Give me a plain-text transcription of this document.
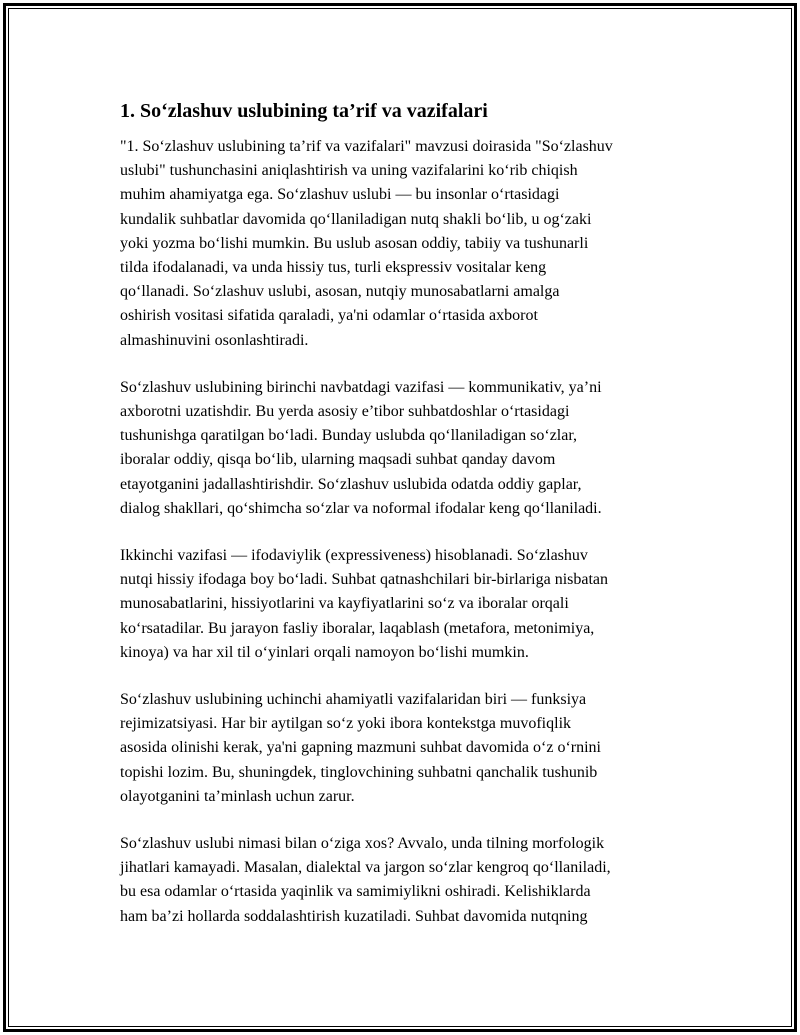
1. So‘zlashuv uslubining ta’rif va vazifalari

"1. So‘zlashuv uslubining ta’rif va vazifalari" mavzusi doirasida "So‘zlashuv
uslubi" tushunchasini aniqlashtirish va uning vazifalarini ko‘rib chiqish
muhim ahamiyatga ega. So‘zlashuv uslubi — bu insonlar o‘rtasidagi
kundalik suhbatlar davomida qo‘llaniladigan nutq shakli bo‘lib, u og‘zaki
yoki yozma bo‘lishi mumkin. Bu uslub asosan oddiy, tabiiy va tushunarli
tilda ifodalanadi, va unda hissiy tus, turli ekspressiv vositalar keng
qo‘llanadi. So‘zlashuv uslubi, asosan, nutqiy munosabatlarni amalga
oshirish vositasi sifatida qaraladi, ya'ni odamlar o‘rtasida axborot
almashinuvini osonlashtiradi.

So‘zlashuv uslubining birinchi navbatdagi vazifasi — kommunikativ, ya’ni
axborotni uzatishdir. Bu yerda asosiy e’tibor suhbatdoshlar o‘rtasidagi
tushunishga qaratilgan bo‘ladi. Bunday uslubda qo‘llaniladigan so‘zlar,
iboralar oddiy, qisqa bo‘lib, ularning maqsadi suhbat qanday davom
etayotganini jadallashtirishdir. So‘zlashuv uslubida odatda oddiy gaplar,
dialog shakllari, qo‘shimcha so‘zlar va noformal ifodalar keng qo‘llaniladi.

Ikkinchi vazifasi — ifodaviylik (expressiveness) hisoblanadi. So‘zlashuv
nutqi hissiy ifodaga boy bo‘ladi. Suhbat qatnashchilari bir-birlariga nisbatan
munosabatlarini, hissiyotlarini va kayfiyatlarini so‘z va iboralar orqali
ko‘rsatadilar. Bu jarayon fasliy iboralar, laqablash (metafora, metonimiya,
kinoya) va har xil til o‘yinlari orqali namoyon bo‘lishi mumkin.

So‘zlashuv uslubining uchinchi ahamiyatli vazifalaridan biri — funksiya
rejimizatsiyasi. Har bir aytilgan so‘z yoki ibora kontekstga muvofiqlik
asosida olinishi kerak, ya'ni gapning mazmuni suhbat davomida o‘z o‘rnini
topishi lozim. Bu, shuningdek, tinglovchining suhbatni qanchalik tushunib
olayotganini ta’minlash uchun zarur.

So‘zlashuv uslubi nimasi bilan o‘ziga xos? Avvalo, unda tilning morfologik
jihatlari kamayadi. Masalan, dialektal va jargon so‘zlar kengroq qo‘llaniladi,
bu esa odamlar o‘rtasida yaqinlik va samimiylikni oshiradi. Kelishiklarda
ham ba’zi hollarda soddalashtirish kuzatiladi. Suhbat davomida nutqning
